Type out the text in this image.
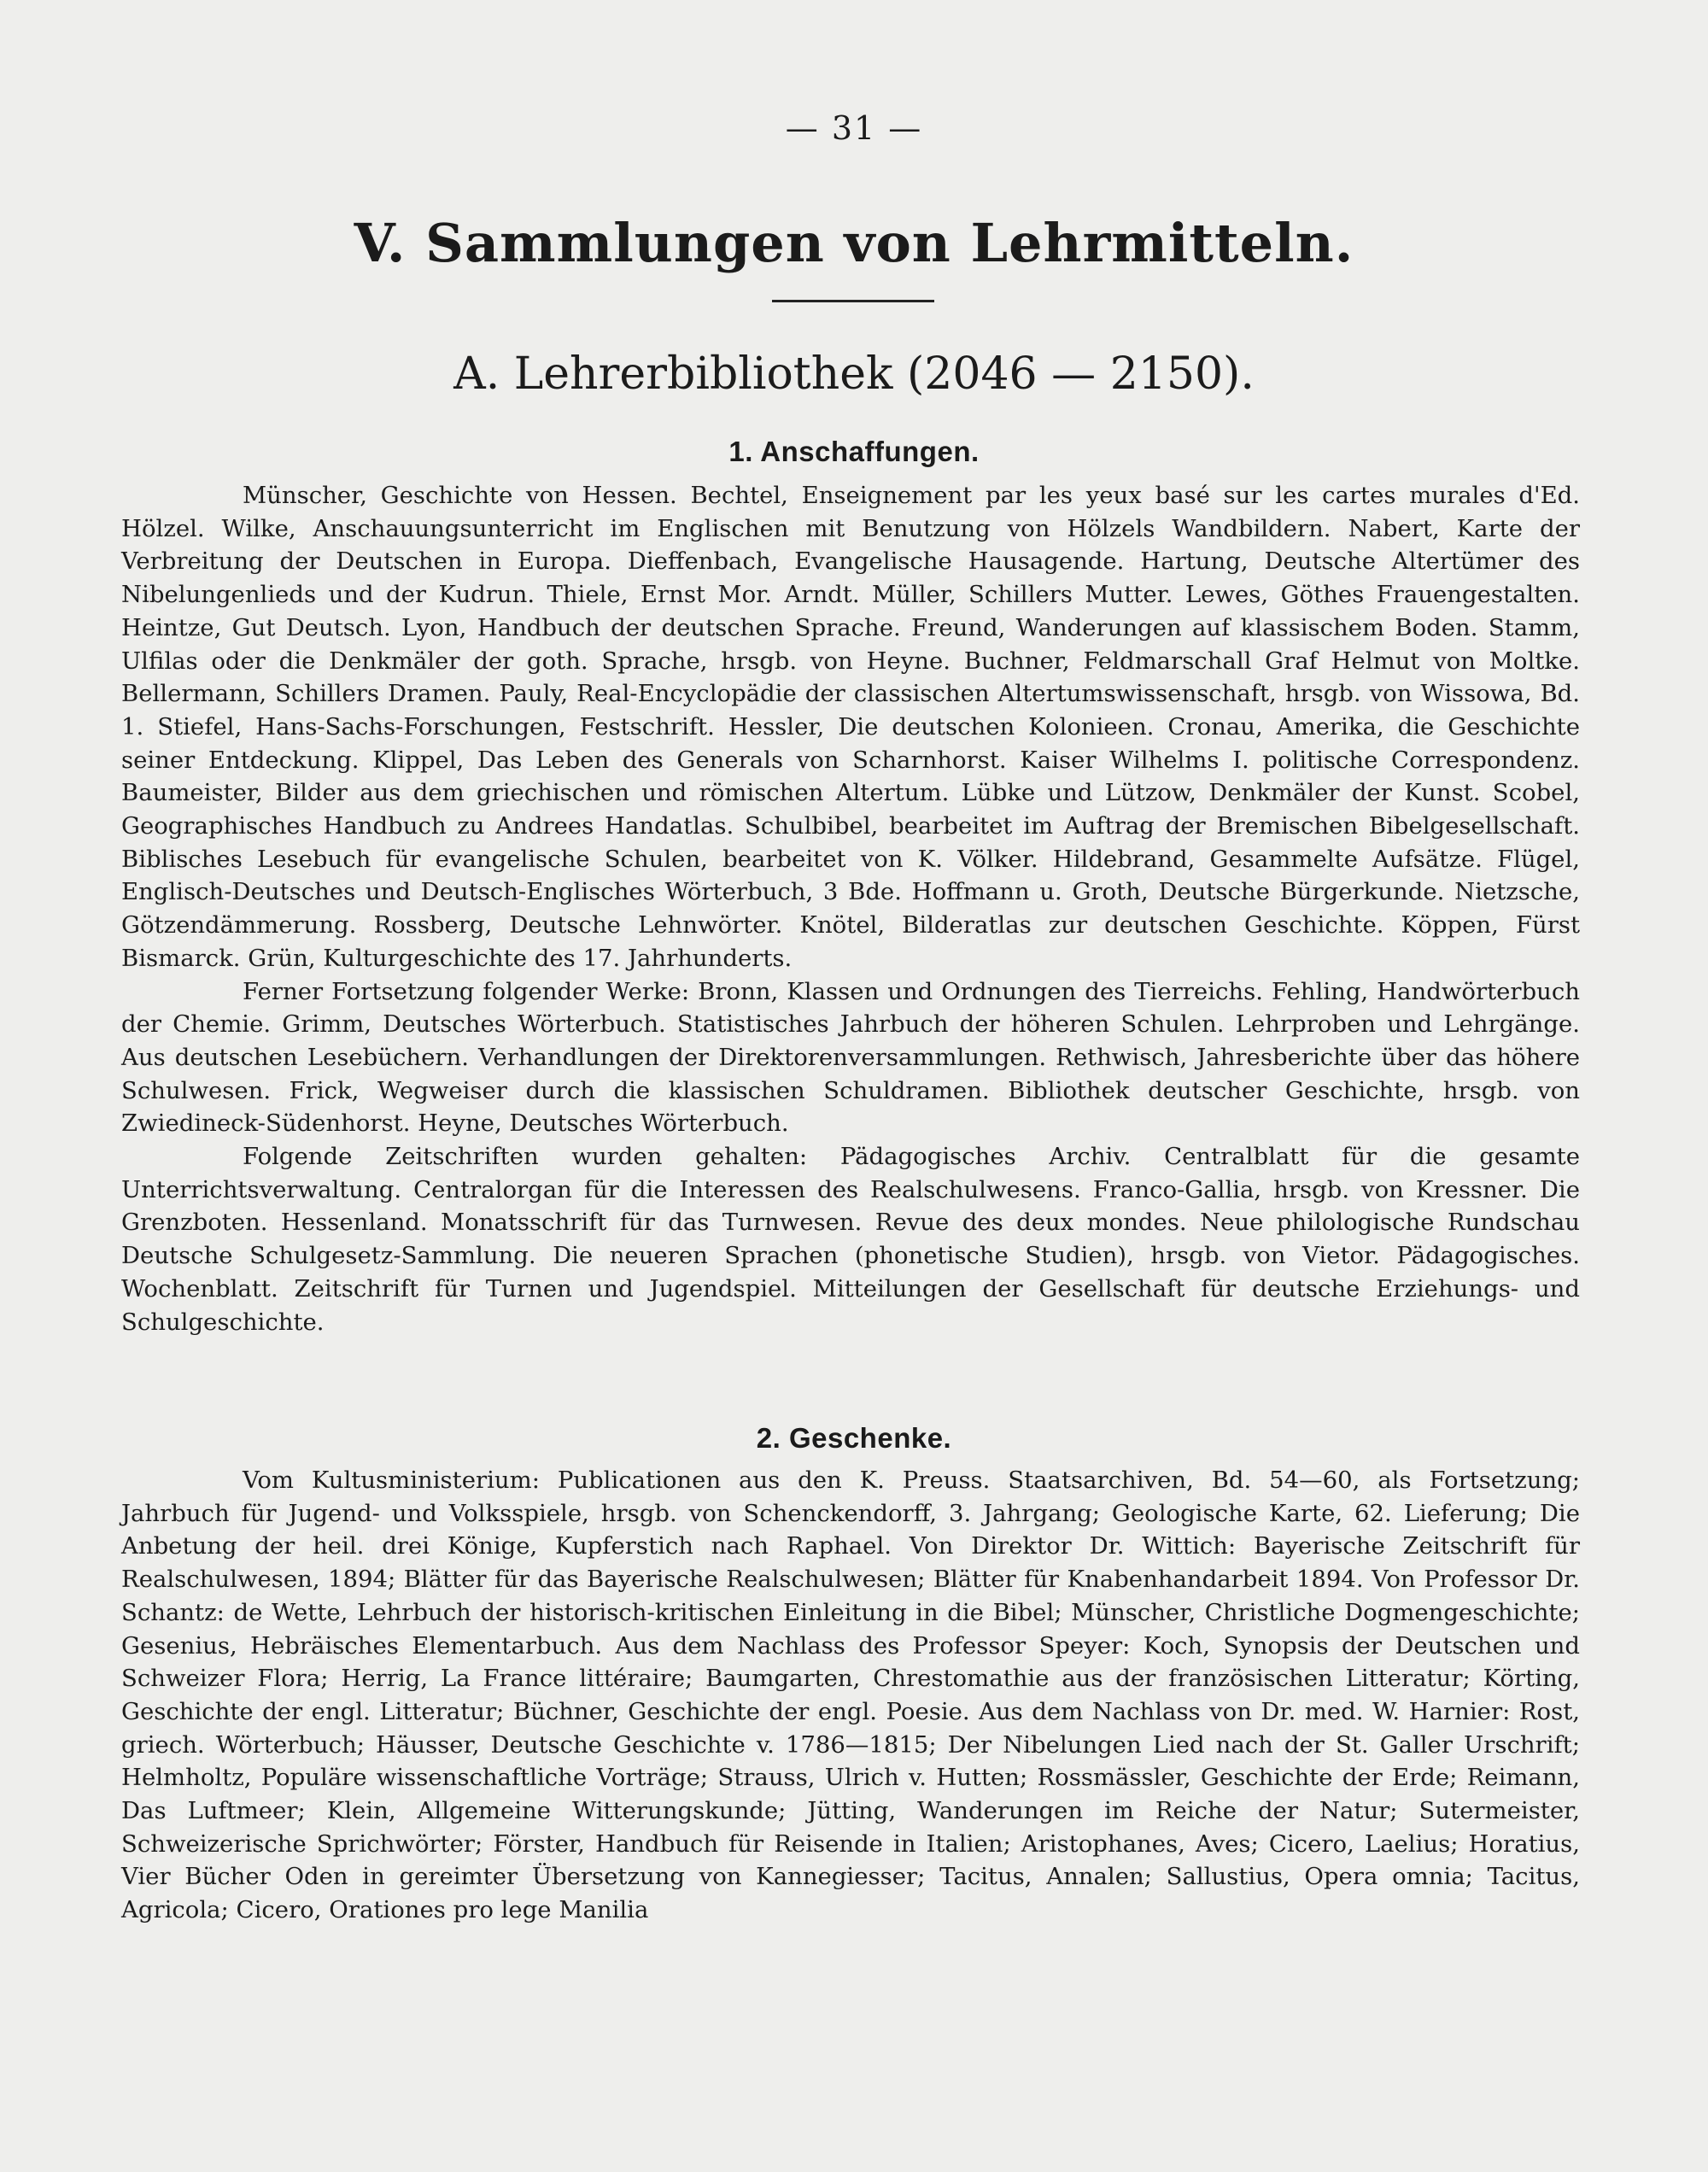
— 31 —
V. Sammlungen von Lehrmitteln.
A. Lehrerbibliothek (2046 — 2150).
1. Anschaffungen.

Münscher, Geschichte von Hessen. Bechtel, Enseignement par les yeux basé sur les cartes murales d'Ed. Hölzel. Wilke, Anschauungsunterricht im Englischen mit Benutzung von Hölzels Wandbildern. Nabert, Karte der Verbreitung der Deutschen in Europa. Dieffenbach, Evangelische Hausagende. Hartung, Deutsche Altertümer des Nibelungenlieds und der Kudrun. Thiele, Ernst Mor. Arndt. Müller, Schillers Mutter. Lewes, Göthes Frauengestalten. Heintze, Gut Deutsch. Lyon, Handbuch der deutschen Sprache. Freund, Wanderungen auf klassischem Boden. Stamm, Ulfilas oder die Denkmäler der goth. Sprache, hrsgb. von Heyne. Buchner, Feldmarschall Graf Helmut von Moltke. Bellermann, Schillers Dramen. Pauly, Real-Encyclopädie der classischen Altertumswissenschaft, hrsgb. von Wissowa, Bd. 1. Stiefel, Hans-Sachs-Forschungen, Festschrift. Hessler, Die deutschen Kolonieen. Cronau, Amerika, die Geschichte seiner Entdeckung. Klippel, Das Leben des Generals von Scharnhorst. Kaiser Wilhelms I. politische Correspondenz. Baumeister, Bilder aus dem griechischen und römischen Altertum. Lübke und Lützow, Denkmäler der Kunst. Scobel, Geographisches Handbuch zu Andrees Handatlas. Schulbibel, bearbeitet im Auftrag der Bremischen Bibelgesellschaft. Biblisches Lesebuch für evangelische Schulen, bearbeitet von K. Völker. Hildebrand, Gesammelte Aufsätze. Flügel, Englisch-Deutsches und Deutsch-Englisches Wörterbuch, 3 Bde. Hoffmann u. Groth, Deutsche Bürgerkunde. Nietzsche, Götzendämmerung. Rossberg, Deutsche Lehnwörter. Knötel, Bilderatlas zur deutschen Geschichte. Köppen, Fürst Bismarck. Grün, Kulturgeschichte des 17. Jahrhunderts.

Ferner Fortsetzung folgender Werke: Bronn, Klassen und Ordnungen des Tierreichs. Fehling, Handwörterbuch der Chemie. Grimm, Deutsches Wörterbuch. Statistisches Jahrbuch der höheren Schulen. Lehrproben und Lehrgänge. Aus deutschen Lesebüchern. Verhandlungen der Direktorenversammlungen. Rethwisch, Jahresberichte über das höhere Schulwesen. Frick, Wegweiser durch die klassischen Schuldramen. Bibliothek deutscher Geschichte, hrsgb. von Zwiedineck-Südenhorst. Heyne, Deutsches Wörterbuch.

Folgende Zeitschriften wurden gehalten: Pädagogisches Archiv. Centralblatt für die gesamte Unterrichtsverwaltung. Centralorgan für die Interessen des Realschulwesens. Franco-Gallia, hrsgb. von Kressner. Die Grenzboten. Hessenland. Monatsschrift für das Turnwesen. Revue des deux mondes. Neue philologische Rundschau Deutsche Schulgesetz-Sammlung. Die neueren Sprachen (phonetische Studien), hrsgb. von Vietor. Pädagogisches. Wochenblatt. Zeitschrift für Turnen und Jugendspiel. Mitteilungen der Gesellschaft für deutsche Erziehungs- und Schulgeschichte.

2. Geschenke.

Vom Kultusministerium: Publicationen aus den K. Preuss. Staatsarchiven, Bd. 54—60, als Fortsetzung; Jahrbuch für Jugend- und Volksspiele, hrsgb. von Schenckendorff, 3. Jahrgang; Geologische Karte, 62. Lieferung; Die Anbetung der heil. drei Könige, Kupferstich nach Raphael. Von Direktor Dr. Wittich: Bayerische Zeitschrift für Realschulwesen, 1894; Blätter für das Bayerische Realschulwesen; Blätter für Knabenhandarbeit 1894. Von Professor Dr. Schantz: de Wette, Lehrbuch der historisch-kritischen Einleitung in die Bibel; Münscher, Christliche Dogmengeschichte; Gesenius, Hebräisches Elementarbuch. Aus dem Nachlass des Professor Speyer: Koch, Synopsis der Deutschen und Schweizer Flora; Herrig, La France littéraire; Baumgarten, Chrestomathie aus der französischen Litteratur; Körting, Geschichte der engl. Litteratur; Büchner, Geschichte der engl. Poesie. Aus dem Nachlass von Dr. med. W. Harnier: Rost, griech. Wörterbuch; Häusser, Deutsche Geschichte v. 1786—1815; Der Nibelungen Lied nach der St. Galler Urschrift; Helmholtz, Populäre wissenschaftliche Vorträge; Strauss, Ulrich v. Hutten; Rossmässler, Geschichte der Erde; Reimann, Das Luftmeer; Klein, Allgemeine Witterungskunde; Jütting, Wanderungen im Reiche der Natur; Sutermeister, Schweizerische Sprichwörter; Förster, Handbuch für Reisende in Italien; Aristophanes, Aves; Cicero, Laelius; Horatius, Vier Bücher Oden in gereimter Übersetzung von Kannegiesser; Tacitus, Annalen; Sallustius, Opera omnia; Tacitus, Agricola; Cicero, Orationes pro lege Manilia
